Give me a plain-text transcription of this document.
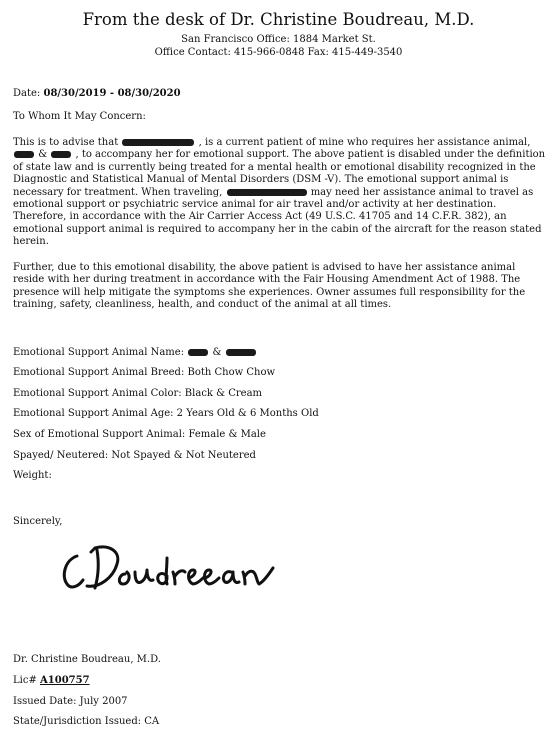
From the desk of Dr. Christine Boudreau, M.D.
San Francisco Office: 1884 Market St.
Office Contact: 415-966-0848 Fax: 415-449-3540
Date: 08/30/2019 - 08/30/2020
To Whom It May Concern:
This is to advise that	, is a current patient of mine who requires her assistance animal,  &	, to accompany her for emotional support. The above patient is disabled under the definition of state law and is currently being treated for a mental health or emotional disability recognized in the Diagnostic and Statistical Manual of Mental Disorders (DSM -V). The emotional support animal is necessary for treatment. When traveling,	may need her assistance animal to travel as emotional support or psychiatric service animal for air travel and/or activity at her destination. Therefore, in accordance with the Air Carrier Access Act (49 U.S.C. 41705 and 14 C.F.R. 382), an emotional support animal is required to accompany her in the cabin of the aircraft for the reason stated herein.
Further, due to this emotional disability, the above patient is advised to have her assistance animal reside with her during treatment in accordance with the Fair Housing Amendment Act of 1988. The presence will help mitigate the symptoms she experiences. Owner assumes full responsibility for the training, safety, cleanliness, health, and conduct of the animal at all times.
Emotional Support Animal Name:	&
Emotional Support Animal Breed: Both Chow Chow
Emotional Support Animal Color: Black & Cream
Emotional Support Animal Age: 2 Years Old & 6 Months Old
Sex of Emotional Support Animal: Female & Male
Spayed/ Neutered: Not Spayed & Not Neutered
Weight:
Sincerely,
Dr. Christine Boudreau, M.D.
Lic# A100757
Issued Date: July 2007
State/Jurisdiction Issued: CA
